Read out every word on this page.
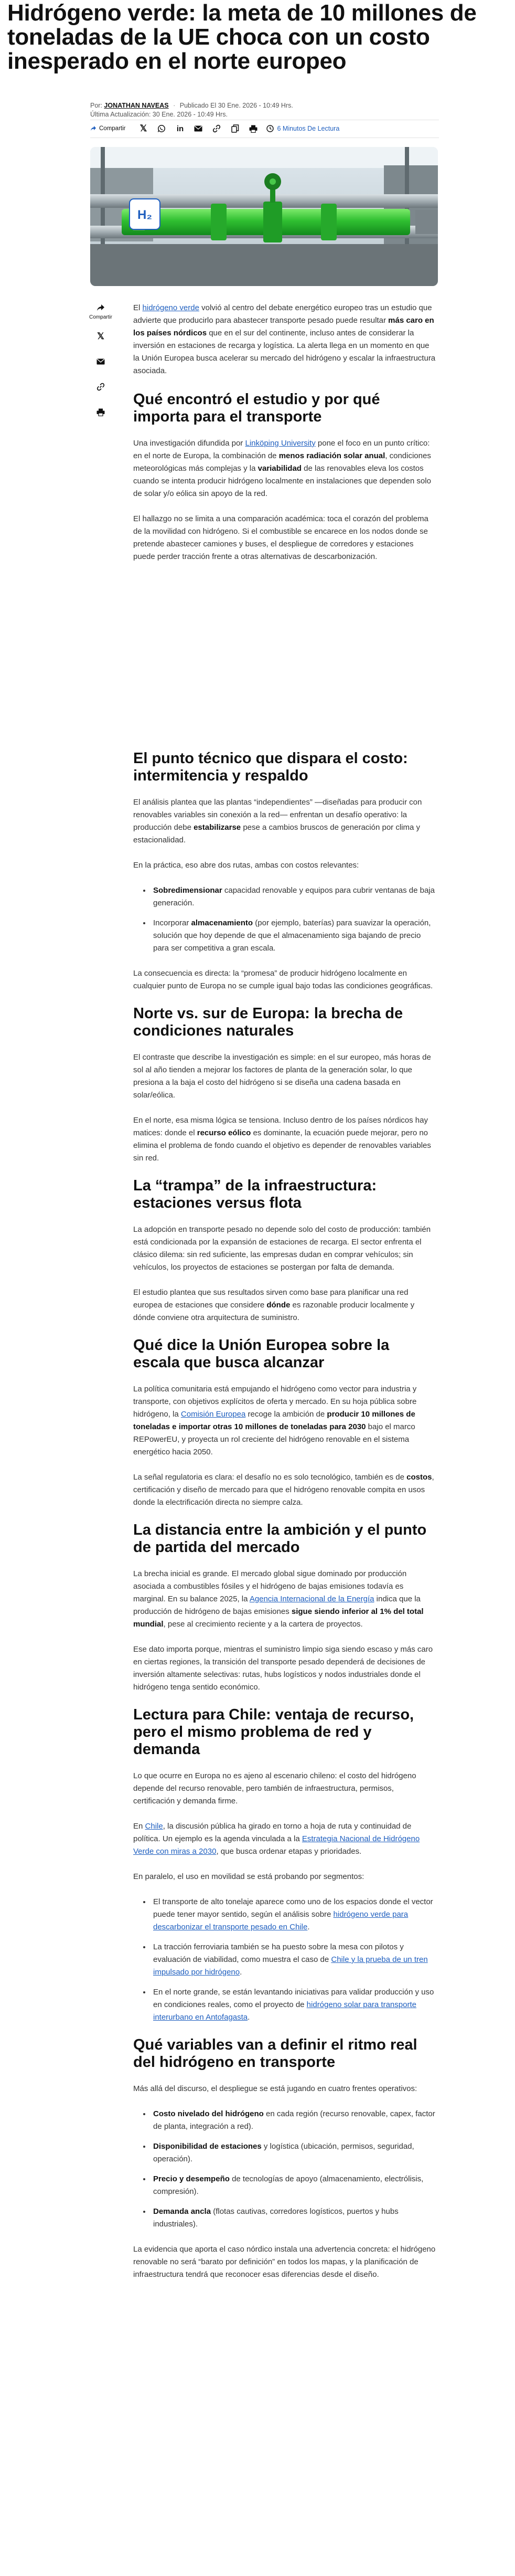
Hidrógeno verde: la meta de 10 millones de toneladas de la UE choca con un costo inesperado en el norte europeo
Por: JONATHAN NAVEAS · Publicado El 30 Ene. 2026 - 10:49 Hrs.
Última Actualización: 30 Ene. 2026 - 10:49 Hrs.
Compartir 𝕏	in	6 Minutos De Lectura
H₂
Compartir
𝕏

El hidrógeno verde volvió al centro del debate energético europeo tras un estudio que advierte que producirlo para abastecer transporte pesado puede resultar más caro en los países nórdicos que en el sur del continente, incluso antes de considerar la inversión en estaciones de recarga y logística. La alerta llega en un momento en que la Unión Europea busca acelerar su mercado del hidrógeno y escalar la infraestructura asociada.

Qué encontró el estudio y por qué importa para el transporte

Una investigación difundida por Linköping University pone el foco en un punto crítico: en el norte de Europa, la combinación de menos radiación solar anual, condiciones meteorológicas más complejas y la variabilidad de las renovables eleva los costos cuando se intenta producir hidrógeno localmente en instalaciones que dependen solo de solar y/o eólica sin apoyo de la red.

El hallazgo no se limita a una comparación académica: toca el corazón del problema de la movilidad con hidrógeno. Si el combustible se encarece en los nodos donde se pretende abastecer camiones y buses, el despliegue de corredores y estaciones puede perder tracción frente a otras alternativas de descarbonización.

El punto técnico que dispara el costo: intermitencia y respaldo

El análisis plantea que las plantas “independientes” —diseñadas para producir con renovables variables sin conexión a la red— enfrentan un desafío operativo: la producción debe estabilizarse pese a cambios bruscos de generación por clima y estacionalidad.

En la práctica, eso abre dos rutas, ambas con costos relevantes:

• Sobredimensionar capacidad renovable y equipos para cubrir ventanas de baja generación.
• Incorporar almacenamiento (por ejemplo, baterías) para suavizar la operación, solución que hoy depende de que el almacenamiento siga bajando de precio para ser competitiva a gran escala.

La consecuencia es directa: la “promesa” de producir hidrógeno localmente en cualquier punto de Europa no se cumple igual bajo todas las condiciones geográficas.

Norte vs. sur de Europa: la brecha de condiciones naturales

El contraste que describe la investigación es simple: en el sur europeo, más horas de sol al año tienden a mejorar los factores de planta de la generación solar, lo que presiona a la baja el costo del hidrógeno si se diseña una cadena basada en solar/eólica.

En el norte, esa misma lógica se tensiona. Incluso dentro de los países nórdicos hay matices: donde el recurso eólico es dominante, la ecuación puede mejorar, pero no elimina el problema de fondo cuando el objetivo es depender de renovables variables sin red.

La “trampa” de la infraestructura: estaciones versus flota

La adopción en transporte pesado no depende solo del costo de producción: también está condicionada por la expansión de estaciones de recarga. El sector enfrenta el clásico dilema: sin red suficiente, las empresas dudan en comprar vehículos; sin vehículos, los proyectos de estaciones se postergan por falta de demanda.

El estudio plantea que sus resultados sirven como base para planificar una red europea de estaciones que considere dónde es razonable producir localmente y dónde conviene otra arquitectura de suministro.

Qué dice la Unión Europea sobre la escala que busca alcanzar

La política comunitaria está empujando el hidrógeno como vector para industria y transporte, con objetivos explícitos de oferta y mercado. En su hoja pública sobre hidrógeno, la Comisión Europea recoge la ambición de producir 10 millones de toneladas e importar otras 10 millones de toneladas para 2030 bajo el marco REPowerEU, y proyecta un rol creciente del hidrógeno renovable en el sistema energético hacia 2050.

La señal regulatoria es clara: el desafío no es solo tecnológico, también es de costos, certificación y diseño de mercado para que el hidrógeno renovable compita en usos donde la electrificación directa no siempre calza.

La distancia entre la ambición y el punto de partida del mercado

La brecha inicial es grande. El mercado global sigue dominado por producción asociada a combustibles fósiles y el hidrógeno de bajas emisiones todavía es marginal. En su balance 2025, la Agencia Internacional de la Energía indica que la producción de hidrógeno de bajas emisiones sigue siendo inferior al 1% del total mundial, pese al crecimiento reciente y a la cartera de proyectos.

Ese dato importa porque, mientras el suministro limpio siga siendo escaso y más caro en ciertas regiones, la transición del transporte pesado dependerá de decisiones de inversión altamente selectivas: rutas, hubs logísticos y nodos industriales donde el hidrógeno tenga sentido económico.

Lectura para Chile: ventaja de recurso, pero el mismo problema de red y demanda

Lo que ocurre en Europa no es ajeno al escenario chileno: el costo del hidrógeno depende del recurso renovable, pero también de infraestructura, permisos, certificación y demanda firme.

En Chile, la discusión pública ha girado en torno a hoja de ruta y continuidad de política. Un ejemplo es la agenda vinculada a la Estrategia Nacional de Hidrógeno Verde con miras a 2030, que busca ordenar etapas y prioridades.

En paralelo, el uso en movilidad se está probando por segmentos:

• El transporte de alto tonelaje aparece como uno de los espacios donde el vector puede tener mayor sentido, según el análisis sobre hidrógeno verde para descarbonizar el transporte pesado en Chile.
• La tracción ferroviaria también se ha puesto sobre la mesa con pilotos y evaluación de viabilidad, como muestra el caso de Chile y la prueba de un tren impulsado por hidrógeno.
• En el norte grande, se están levantando iniciativas para validar producción y uso en condiciones reales, como el proyecto de hidrógeno solar para transporte interurbano en Antofagasta.
Qué variables van a definir el ritmo real del hidrógeno en transporte

Más allá del discurso, el despliegue se está jugando en cuatro frentes operativos:

• Costo nivelado del hidrógeno en cada región (recurso renovable, capex, factor de planta, integración a red).
• Disponibilidad de estaciones y logística (ubicación, permisos, seguridad, operación).
• Precio y desempeño de tecnologías de apoyo (almacenamiento, electrólisis, compresión).
• Demanda ancla (flotas cautivas, corredores logísticos, puertos y hubs industriales).

La evidencia que aporta el caso nórdico instala una advertencia concreta: el hidrógeno renovable no será “barato por definición” en todos los mapas, y la planificación de infraestructura tendrá que reconocer esas diferencias desde el diseño.
